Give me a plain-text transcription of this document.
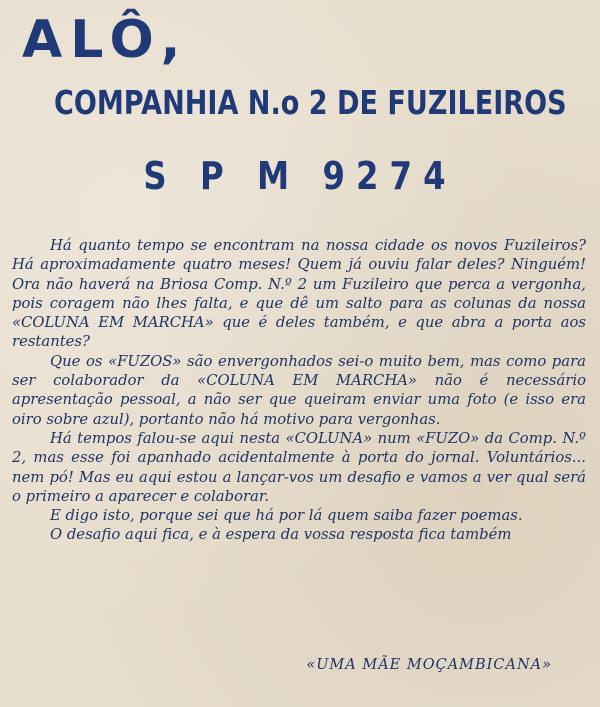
ALÔ,
COMPANHIA N.o 2 DE FUZILEIROS
S P M 9274

Há quanto tempo se encontram na nossa cidade os novos Fuzileiros? Há aproximadamente quatro meses! Quem já ouviu falar deles? Ninguém! Ora não haverá na Briosa Comp. N.º 2 um Fuzileiro que perca a vergonha, pois coragem não lhes falta, e que dê um salto para as colunas da nossa «COLUNA EM MARCHA» que é deles também, e que abra a porta aos restantes?

Que os «FUZOS» são envergonhados sei-o muito bem, mas como para ser colaborador da «COLUNA EM MARCHA» não é necessário apresentação pessoal, a não ser que queiram enviar uma foto (e isso era oiro sobre azul), portanto não há motivo para vergonhas.

Há tempos falou-se aqui nesta «COLUNA» num «FUZO» da Comp. N.º 2, mas esse foi apanhado acidentalmente à porta do jornal. Voluntários... nem pó! Mas eu aqui estou a lançar-vos um desafio e vamos a ver qual será o primeiro a aparecer e colaborar.

E digo isto, porque sei que há por lá quem saiba fazer poemas.

O desafio aqui fica, e à espera da vossa resposta fica também

«UMA MÃE MOÇAMBICANA»
